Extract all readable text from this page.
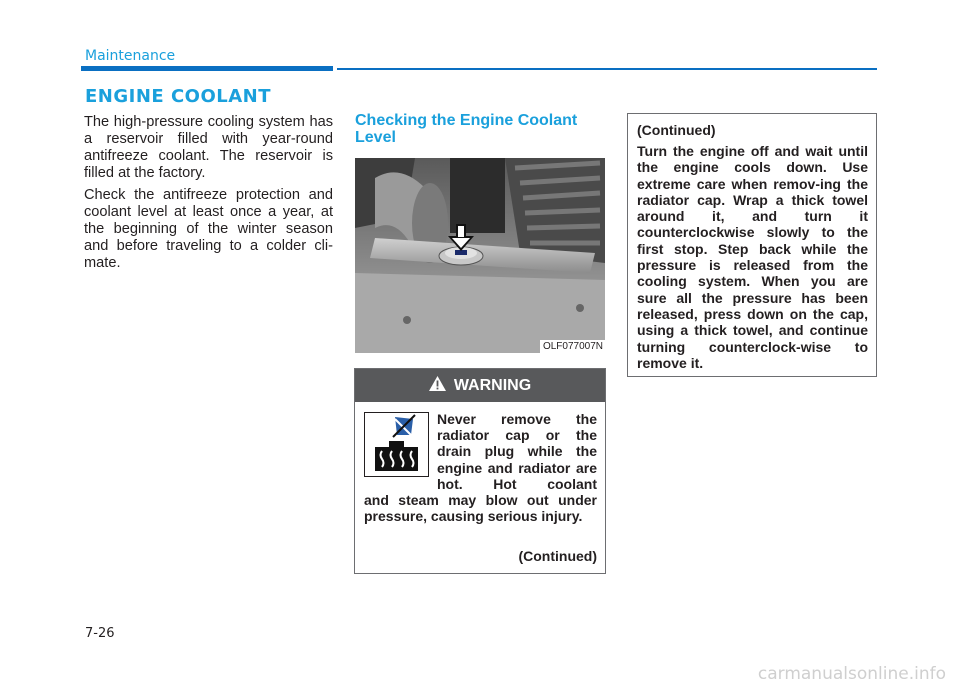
Maintenance
ENGINE COOLANT

The high-pressure cooling system has a reservoir filled with year-round antifreeze coolant. The reservoir is filled at the factory.

Check the antifreeze protection and coolant level at least once a year, at the beginning of the winter season and before traveling to a colder cli-mate.

Checking the Engine Coolant Level
OLF077007N
WARNING
Never remove the radiator cap or the drain plug while the engine and radiator are hot. Hot coolant
and steam may blow out under pressure, causing serious injury.
(Continued)
(Continued)
Turn the engine off and wait until the engine cools down. Use extreme care when remov-ing the radiator cap. Wrap a thick towel around it, and turn it counterclockwise slowly to the first stop. Step back while the pressure is released from the cooling system. When you are sure all the pressure has been released, press down on the cap, using a thick towel, and continue turning counterclock-wise to remove it.
7-26
carmanualsonline.info
